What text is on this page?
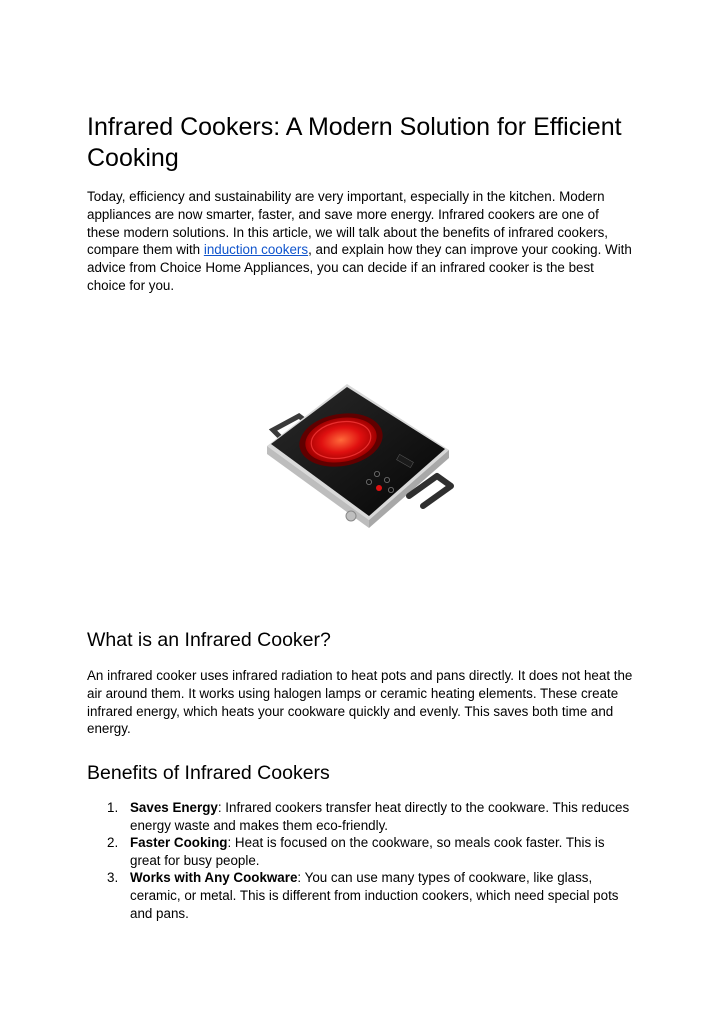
Infrared Cookers: A Modern Solution for Efficient Cooking

Today, efficiency and sustainability are very important, especially in the kitchen. Modern appliances are now smarter, faster, and save more energy. Infrared cookers are one of these modern solutions. In this article, we will talk about the benefits of infrared cookers, compare them with induction cookers, and explain how they can improve your cooking. With advice from Choice Home Appliances, you can decide if an infrared cooker is the best choice for you.

What is an Infrared Cooker?

An infrared cooker uses infrared radiation to heat pots and pans directly. It does not heat the air around them. It works using halogen lamps or ceramic heating elements. These create infrared energy, which heats your cookware quickly and evenly. This saves both time and energy.

Benefits of Infrared Cookers
1. Saves Energy: Infrared cookers transfer heat directly to the cookware. This reduces energy waste and makes them eco-friendly.
2. Faster Cooking: Heat is focused on the cookware, so meals cook faster. This is great for busy people.
3. Works with Any Cookware: You can use many types of cookware, like glass, ceramic, or metal. This is different from induction cookers, which need special pots and pans.
